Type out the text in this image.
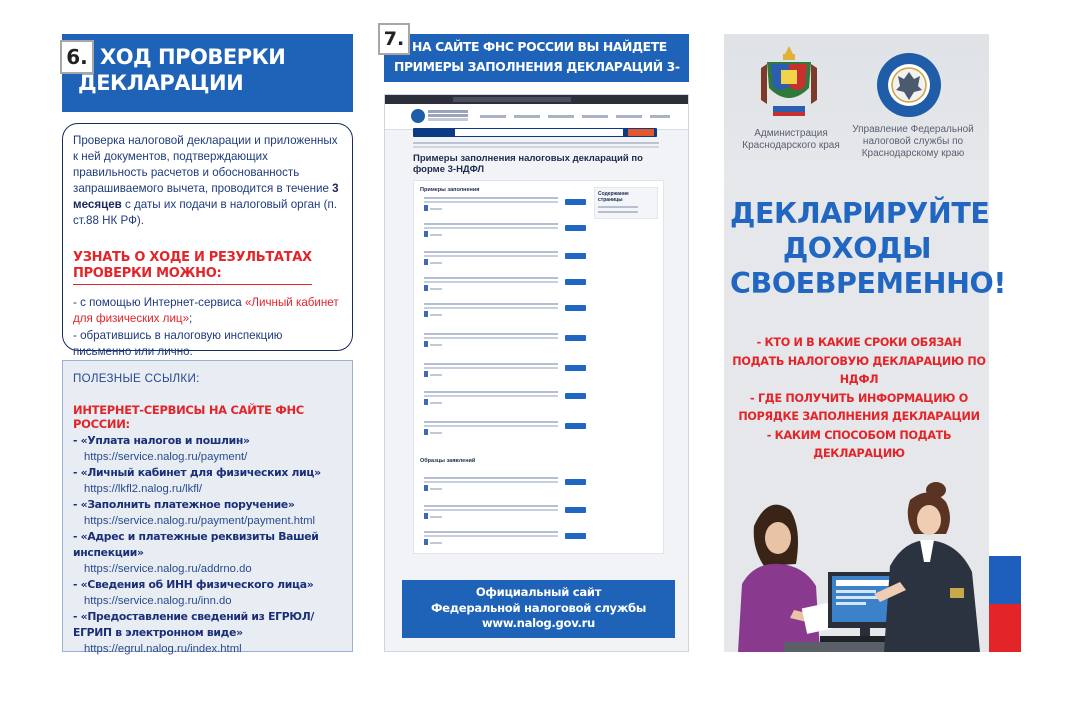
6. ХОД ПРОВЕРКИ
ДЕКЛАРАЦИИ

Проверка налоговой декларации и приложенных к ней документов, подтверждающих правильность расчетов и обоснованность запрашиваемого вычета, проводится в течение 3 месяцев с даты их подачи в налоговый орган (п. ст.88 НК РФ).

УЗНАТЬ О ХОДЕ И РЕЗУЛЬТАТАХ
ПРОВЕРКИ МОЖНО:
- с помощью Интернет-сервиса «Личный кабинет для физических лиц»;
- обратившись в налоговую инспекцию письменно или лично.
ПОЛЕЗНЫЕ ССЫЛКИ:
ИНТЕРНЕТ-СЕРВИСЫ НА САЙТЕ ФНС РОССИИ:
- «Уплата налогов и пошлин»
https://service.nalog.ru/payment/
- «Личный кабинет для физических лиц»
https://lkfl2.nalog.ru/lkfl/
- «Заполнить платежное поручение»
https://service.nalog.ru/payment/payment.html
- «Адрес и платежные реквизиты Вашей инспекции»
https://service.nalog.ru/addrno.do
- «Сведения об ИНН физического лица»
https://service.nalog.ru/inn.do
- «Предоставление сведений из ЕГРЮЛ/ЕГРИП в электронном виде»
https://egrul.nalog.ru/index.html
7. НА САЙТЕ ФНС РОССИИ ВЫ НАЙДЕТЕ
ПРИМЕРЫ ЗАПОЛНЕНИЯ ДЕКЛАРАЦИЙ 3-НДФЛ
Примеры заполнения налоговых деклараций по форме 3-НДФЛ
Примеры заполнения
Содержание страницы
Образцы заявлений
Официальный сайт
Федеральной налоговой службы
www.nalog.gov.ru
Администрация Краснодарского края
Управление Федеральной налоговой службы по Краснодарскому краю
ДЕКЛАРИРУЙТЕ
ДОХОДЫ
СВОЕВРЕМЕННО!
- КТО И В КАКИЕ СРОКИ ОБЯЗАН ПОДАТЬ НАЛОГОВУЮ ДЕКЛАРАЦИЮ ПО НДФЛ
- ГДЕ ПОЛУЧИТЬ ИНФОРМАЦИЮ О ПОРЯДКЕ ЗАПОЛНЕНИЯ ДЕКЛАРАЦИИ
- КАКИМ СПОСОБОМ ПОДАТЬ ДЕКЛАРАЦИЮ
